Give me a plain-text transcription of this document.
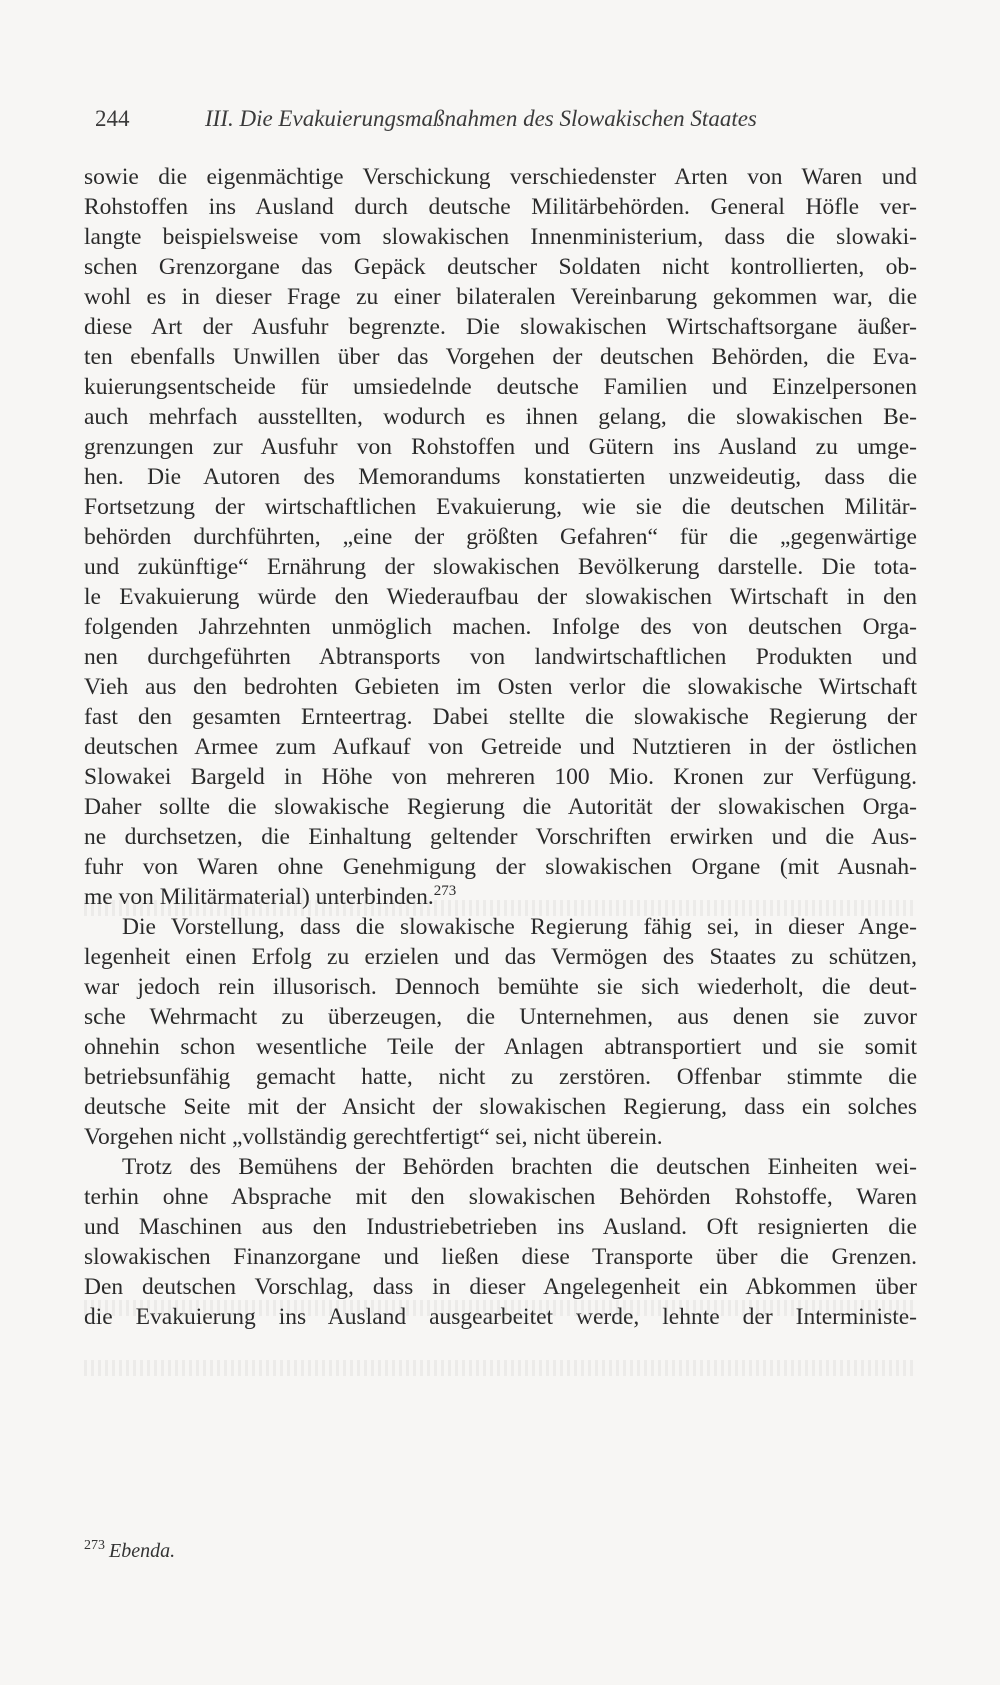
244	III. Die Evakuierungsmaßnahmen des Slowakischen Staates
sowie die eigenmächtige Verschickung verschiedenster Arten von Waren und
Rohstoffen ins Ausland durch deutsche Militärbehörden. General Höfle ver-
langte beispielsweise vom slowakischen Innenministerium, dass die slowaki-
schen Grenzorgane das Gepäck deutscher Soldaten nicht kontrollierten, ob-
wohl es in dieser Frage zu einer bilateralen Vereinbarung gekommen war, die
diese Art der Ausfuhr begrenzte. Die slowakischen Wirtschaftsorgane äußer-
ten ebenfalls Unwillen über das Vorgehen der deutschen Behörden, die Eva-
kuierungsentscheide für umsiedelnde deutsche Familien und Einzelpersonen
auch mehrfach ausstellten, wodurch es ihnen gelang, die slowakischen Be-
grenzungen zur Ausfuhr von Rohstoffen und Gütern ins Ausland zu umge-
hen. Die Autoren des Memorandums konstatierten unzweideutig, dass die
Fortsetzung der wirtschaftlichen Evakuierung, wie sie die deutschen Militär-
behörden durchführten, „eine der größten Gefahren“ für die „gegenwärtige
und zukünftige“ Ernährung der slowakischen Bevölkerung darstelle. Die tota-
le Evakuierung würde den Wiederaufbau der slowakischen Wirtschaft in den
folgenden Jahrzehnten unmöglich machen. Infolge des von deutschen Orga-
nen durchgeführten Abtransports von landwirtschaftlichen Produkten und
Vieh aus den bedrohten Gebieten im Osten verlor die slowakische Wirtschaft
fast den gesamten Ernteertrag. Dabei stellte die slowakische Regierung der
deutschen Armee zum Aufkauf von Getreide und Nutztieren in der östlichen
Slowakei Bargeld in Höhe von mehreren 100 Mio. Kronen zur Verfügung.
Daher sollte die slowakische Regierung die Autorität der slowakischen Orga-
ne durchsetzen, die Einhaltung geltender Vorschriften erwirken und die Aus-
fuhr von Waren ohne Genehmigung der slowakischen Organe (mit Ausnah-
me von Militärmaterial) unterbinden.$^{273}$
Die Vorstellung, dass die slowakische Regierung fähig sei, in dieser Ange-
legenheit einen Erfolg zu erzielen und das Vermögen des Staates zu schützen,
war jedoch rein illusorisch. Dennoch bemühte sie sich wiederholt, die deut-
sche Wehrmacht zu überzeugen, die Unternehmen, aus denen sie zuvor
ohnehin schon wesentliche Teile der Anlagen abtransportiert und sie somit
betriebsunfähig gemacht hatte, nicht zu zerstören. Offenbar stimmte die
deutsche Seite mit der Ansicht der slowakischen Regierung, dass ein solches
Vorgehen nicht „vollständig gerechtfertigt“ sei, nicht überein.
Trotz des Bemühens der Behörden brachten die deutschen Einheiten wei-
terhin ohne Absprache mit den slowakischen Behörden Rohstoffe, Waren
und Maschinen aus den Industriebetrieben ins Ausland. Oft resignierten die
slowakischen Finanzorgane und ließen diese Transporte über die Grenzen.
Den deutschen Vorschlag, dass in dieser Angelegenheit ein Abkommen über
die Evakuierung ins Ausland ausgearbeitet werde, lehnte der Interministe-
$^{273}$ Ebenda.
